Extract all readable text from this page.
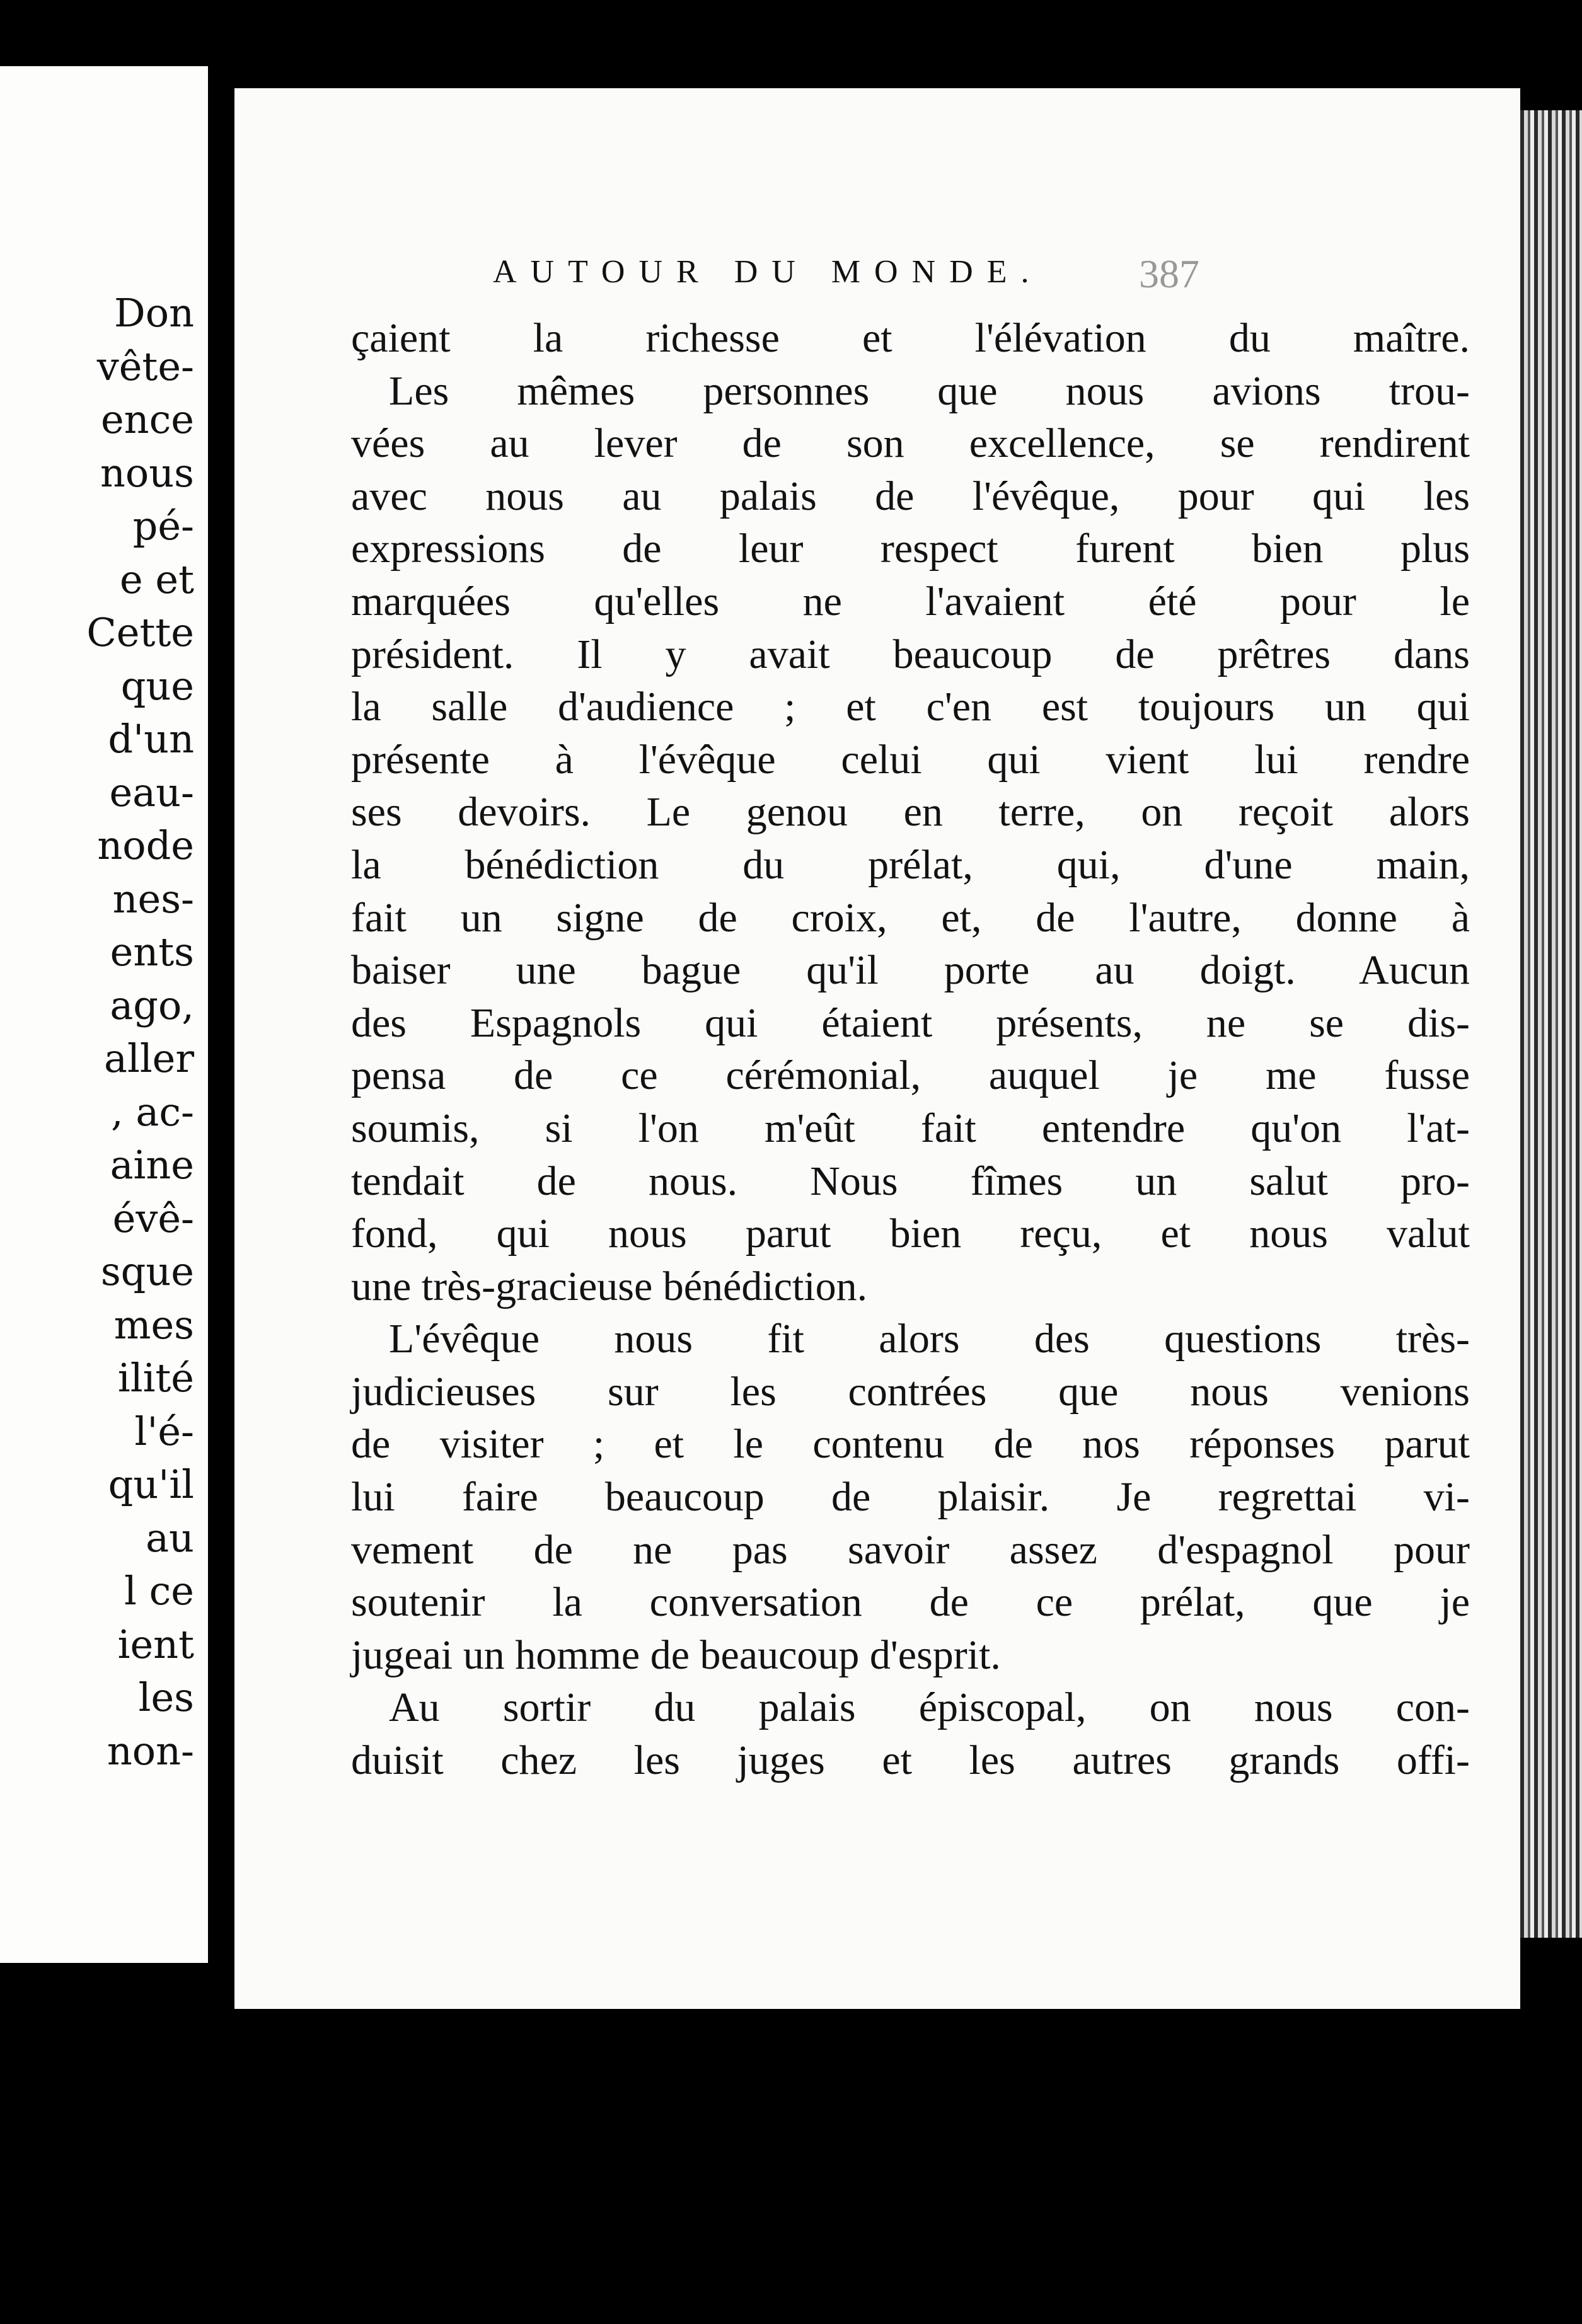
Don
vête-
ence
nous
pé-
e et
Cette
que
d'un
eau-
node
nes-
ents
ago,
aller
, ac-
aine
évê-
sque
mes
ilité
l'é-
qu'il
au
l ce
ient
les
non-
AUTOUR DU MONDE. 387
çaient la richesse et l'élévation du maître.
Les mêmes personnes que nous avions trou-
vées au lever de son excellence, se rendirent
avec nous au palais de l'évêque, pour qui les
expressions de leur respect furent bien plus
marquées qu'elles ne l'avaient été pour le
président. Il y avait beaucoup de prêtres dans
la salle d'audience ; et c'en est toujours un qui
présente à l'évêque celui qui vient lui rendre
ses devoirs. Le genou en terre, on reçoit alors
la bénédiction du prélat, qui, d'une main,
fait un signe de croix, et, de l'autre, donne à
baiser une bague qu'il porte au doigt. Aucun
des Espagnols qui étaient présents, ne se dis-
pensa de ce cérémonial, auquel je me fusse
soumis, si l'on m'eût fait entendre qu'on l'at-
tendait de nous. Nous fîmes un salut pro-
fond, qui nous parut bien reçu, et nous valut
une très-gracieuse bénédiction.
L'évêque nous fit alors des questions très-
judicieuses sur les contrées que nous venions
de visiter ; et le contenu de nos réponses parut
lui faire beaucoup de plaisir. Je regrettai vi-
vement de ne pas savoir assez d'espagnol pour
soutenir la conversation de ce prélat, que je
jugeai un homme de beaucoup d'esprit.
Au sortir du palais épiscopal, on nous con-
duisit chez les juges et les autres grands offi-
